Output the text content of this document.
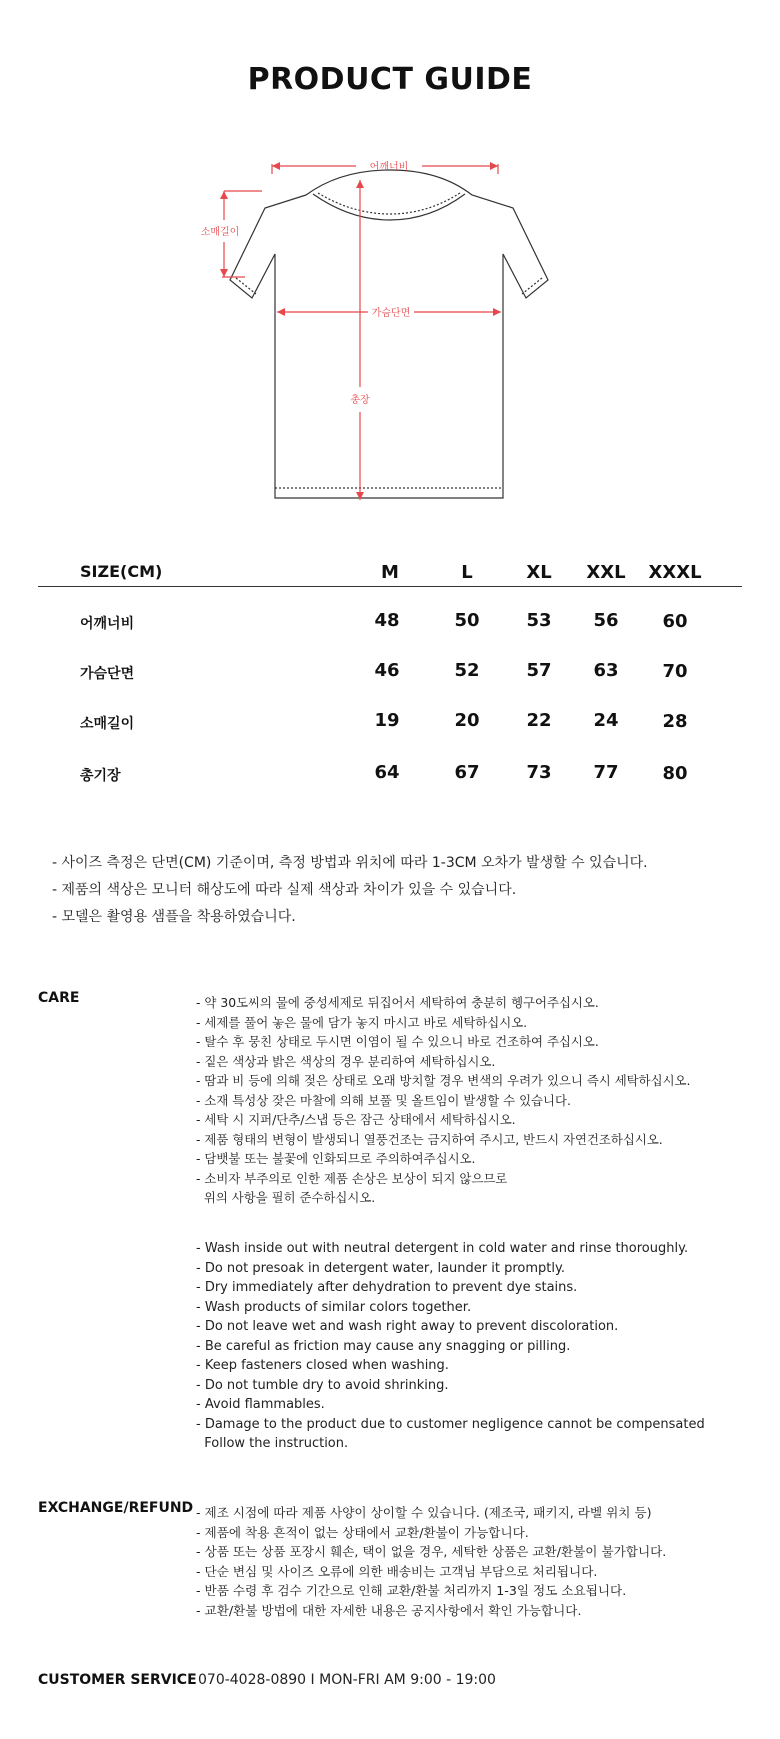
PRODUCT GUIDE
어깨너비
소매길이
가슴단면
총장
SIZE(CM)	M	L	XL	XXL	XXXL
어깨너비	48	50	53	56	60
가슴단면	46	52	57	63	70
소매길이	19	20	22	24	28
총기장	64	67	73	77	80
- 사이즈 측정은 단면(CM) 기준이며, 측정 방법과 위치에 따라 1-3CM 오차가 발생할 수 있습니다.
- 제품의 색상은 모니터 해상도에 따라 실제 색상과 차이가 있을 수 있습니다.
- 모델은 촬영용 샘플을 착용하였습니다.
CARE	- 약 30도씨의 물에 중성세제로 뒤집어서 세탁하여 충분히 헹구어주십시오.
- 세제를 풀어 놓은 물에 담가 놓지 마시고 바로 세탁하십시오.
- 탈수 후 뭉친 상태로 두시면 이염이 될 수 있으니 바로 건조하여 주십시오.
- 짙은 색상과 밝은 색상의 경우 분리하여 세탁하십시오.
- 땀과 비 등에 의해 젖은 상태로 오래 방치할 경우 변색의 우려가 있으니 즉시 세탁하십시오.
- 소재 특성상 잦은 마찰에 의해 보풀 및 올트임이 발생할 수 있습니다.
- 세탁 시 지퍼/단추/스냅 등은 잠근 상태에서 세탁하십시오.
- 제품 형태의 변형이 발생되니 열풍건조는 금지하여 주시고, 반드시 자연건조하십시오.
- 담뱃불 또는 불꽃에 인화되므로 주의하여주십시오.
- 소비자 부주의로 인한 제품 손상은 보상이 되지 않으므로
위의 사항을 필히 준수하십시오.
- Wash inside out with neutral detergent in cold water and rinse thoroughly.
- Do not presoak in detergent water, launder it promptly.
- Dry immediately after dehydration to prevent dye stains.
- Wash products of similar colors together.
- Do not leave wet and wash right away to prevent discoloration.
- Be careful as friction may cause any snagging or pilling.
- Keep fasteners closed when washing.
- Do not tumble dry to avoid shrinking.
- Avoid flammables.
- Damage to the product due to customer negligence cannot be compensated
Follow the instruction.
EXCHANGE/REFUND - 제조 시점에 따라 제품 사양이 상이할 수 있습니다. (제조국, 패키지, 라벨 위치 등)
- 제품에 착용 흔적이 없는 상태에서 교환/환불이 가능합니다.
- 상품 또는 상품 포장시 훼손, 택이 없을 경우, 세탁한 상품은 교환/환불이 불가합니다.
- 단순 변심 및 사이즈 오류에 의한 배송비는 고객님 부담으로 처리됩니다.
- 반품 수령 후 검수 기간으로 인해 교환/환불 처리까지 1-3일 정도 소요됩니다.
- 교환/환불 방법에 대한 자세한 내용은 공지사항에서 확인 가능합니다.
CUSTOMER SERVICE 070-4028-0890 I MON-FRI AM 9:00 - 19:00
